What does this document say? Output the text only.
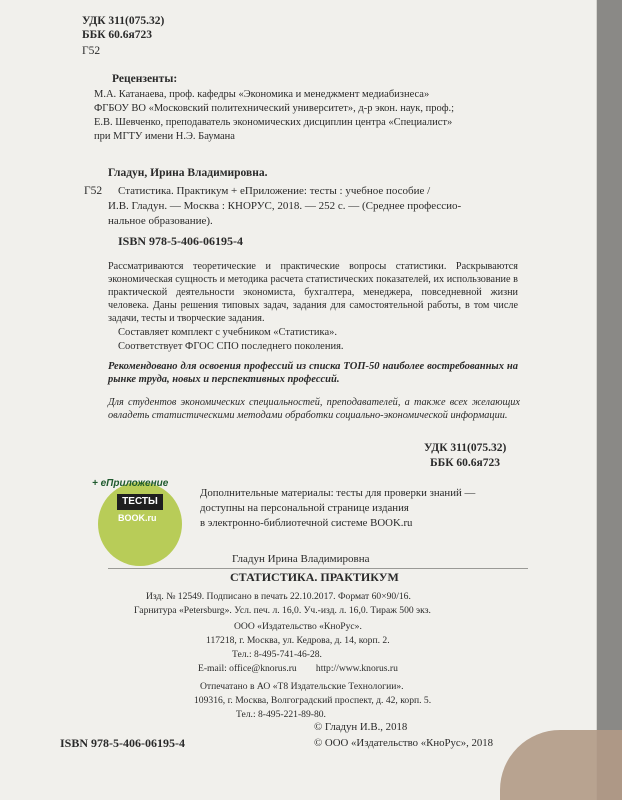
УДК 311(075.32)
ББК 60.6я723
Г52
Рецензенты:
М.А. Катанаева, проф. кафедры «Экономика и менеджмент медиабизнеса»
ФГБОУ ВО «Московский политехнический университет», д-р экон. наук, проф.;
Е.В. Шевченко, преподаватель экономических дисциплин центра «Специалист»
при МГТУ имени Н.Э. Баумана
Гладун, Ирина Владимировна.
Г52 Статистика. Практикум + еПриложение: тесты : учебное пособие /
И.В. Гладун. — Москва : КНОРУС, 2018. — 252 с. — (Среднее профессио-
нальное образование).
ISBN 978-5-406-06195-4
Рассматриваются теоретические и практические вопросы статистики. Раскрываются экономическая сущность и методика расчета статистических показателей, их использование в практической деятельности экономиста, бухгалтера, менеджера, повседневной жизни человека. Даны решения типовых задач, задания для самостоятельной работы, в том числе задачи, тесты и творческие задания.
Составляет комплект с учебником «Статистика».
Соответствует ФГОС СПО последнего поколения.
Рекомендовано для освоения профессий из списка ТОП-50 наиболее востребованных на рынке труда, новых и перспективных профессий.
Для студентов экономических специальностей, преподавателей, а также всех желающих овладеть статистическими методами обработки социально-экономической информации.
УДК 311(075.32)
ББК 60.6я723
+ еПриложение
ТЕСТЫ
BOOK.ru
Дополнительные материалы: тесты для проверки знаний —
доступны на персональной странице издания
в электронно-библиотечной системе BOOK.ru
Гладун Ирина Владимировна
СТАТИСТИКА. ПРАКТИКУМ
Изд. № 12549. Подписано в печать 22.10.2017. Формат 60×90/16.
Гарнитура «Petersburg». Усл. печ. л. 16,0. Уч.-изд. л. 16,0. Тираж 500 экз.
ООО «Издательство «КноРус».
117218, г. Москва, ул. Кедрова, д. 14, корп. 2.
Тел.: 8-495-741-46-28.
E-mail: office@knorus.ru        http://www.knorus.ru
Отпечатано в АО «Т8 Издательские Технологии».
109316, г. Москва, Волгоградский проспект, д. 42, корп. 5.
Тел.: 8-495-221-89-80.
ISBN 978-5-406-06195-4
© Гладун И.В., 2018
© ООО «Издательство «КноРус», 2018
